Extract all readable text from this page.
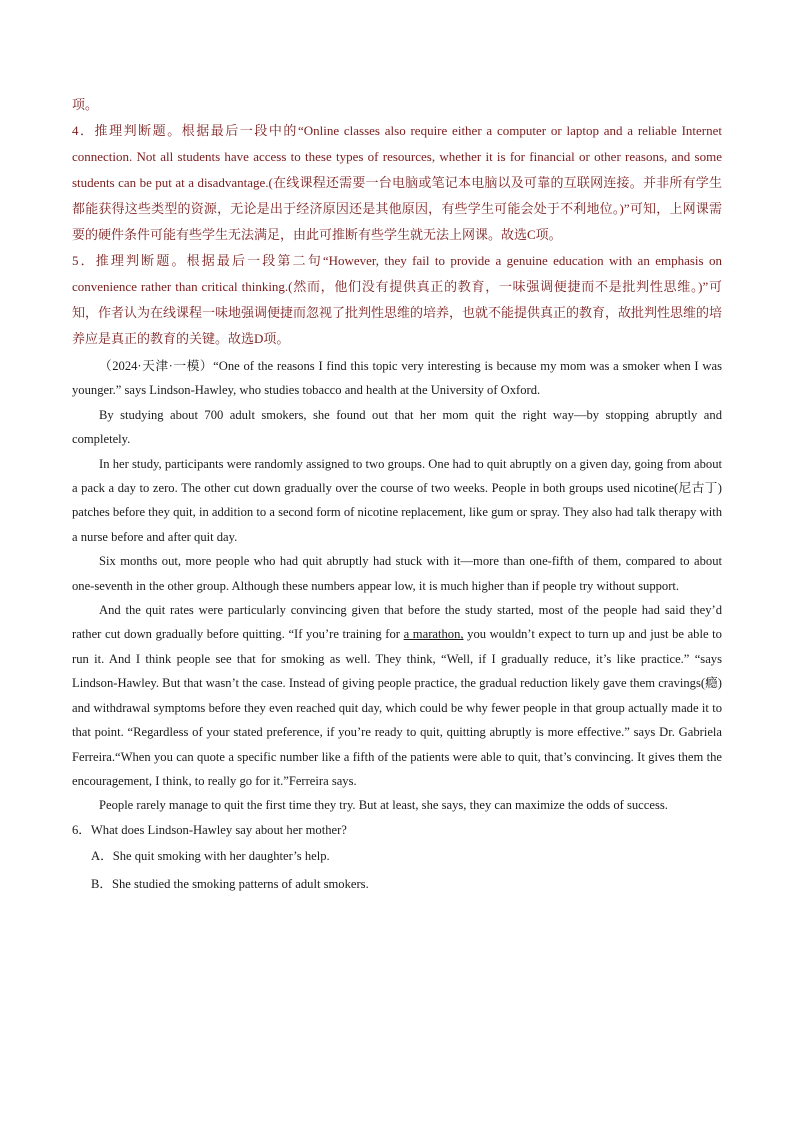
项。

4．推理判断题。根据最后一段中的“Online classes also require either a computer or laptop and a reliable Internet connection. Not all students have access to these types of resources, whether it is for financial or other reasons, and some students can be put at a disadvantage.(在线课程还需要一台电脑或笔记本电脑以及可靠的互联网连接。并非所有学生都能获得这些类型的资源，无论是出于经济原因还是其他原因，有些学生可能会处于不利地位。)”可知，上网课需要的硬件条件可能有些学生无法满足，由此可推断有些学生就无法上网课。故选C项。

5．推理判断题。根据最后一段第二句“However, they fail to provide a genuine education with an emphasis on convenience rather than critical thinking.(然而，他们没有提供真正的教育，一味强调便捷而不是批判性思维。)”可知，作者认为在线课程一味地强调便捷而忽视了批判性思维的培养，也就不能提供真正的教育，故批判性思维的培养应是真正的教育的关键。故选D项。

（2024·天津·一模）“One of the reasons I find this topic very interesting is because my mom was a smoker when I was younger.” says Lindson-Hawley, who studies tobacco and health at the University of Oxford.

By studying about 700 adult smokers, she found out that her mom quit the right way—by stopping abruptly and completely.

In her study, participants were randomly assigned to two groups. One had to quit abruptly on a given day, going from about a pack a day to zero. The other cut down gradually over the course of two weeks. People in both groups used nicotine(尼古丁) patches before they quit, in addition to a second form of nicotine replacement, like gum or spray. They also had talk therapy with a nurse before and after quit day.

Six months out, more people who had quit abruptly had stuck with it—more than one-fifth of them, compared to about one-seventh in the other group. Although these numbers appear low, it is much higher than if people try without support.

And the quit rates were particularly convincing given that before the study started, most of the people had said they’d rather cut down gradually before quitting. “If you’re training for a marathon, you wouldn’t expect to turn up and just be able to run it. And I think people see that for smoking as well. They think, “Well, if I gradually reduce, it’s like practice.” “says Lindson-Hawley. But that wasn’t the case. Instead of giving people practice, the gradual reduction likely gave them cravings(瘾) and withdrawal symptoms before they even reached quit day, which could be why fewer people in that group actually made it to that point. “Regardless of your stated preference, if you’re ready to quit, quitting abruptly is more effective.” says Dr. Gabriela Ferreira.“When you can quote a specific number like a fifth of the patients were able to quit, that’s convincing. It gives them the encouragement, I think, to really go for it.”Ferreira says.

People rarely manage to quit the first time they try. But at least, she says, they can maximize the odds of success.

6．What does Lindson-Hawley say about her mother?

A．She quit smoking with her daughter’s help.

B．She studied the smoking patterns of adult smokers.
